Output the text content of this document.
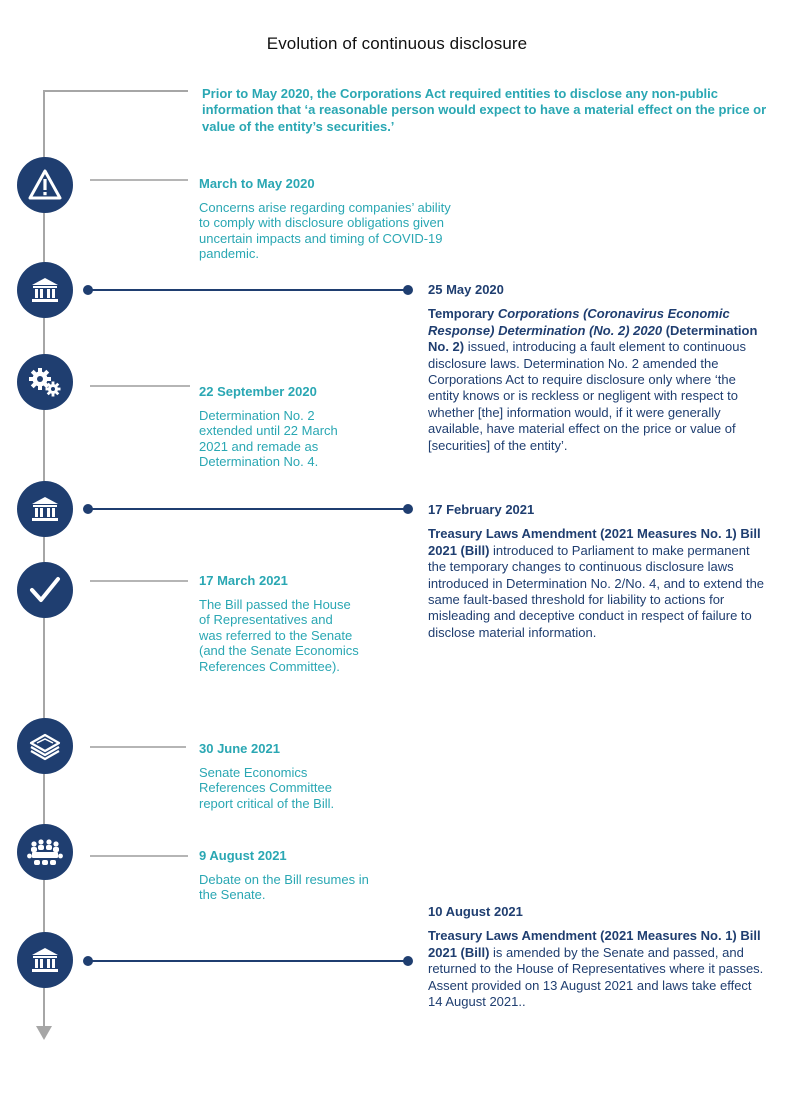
Evolution of continuous disclosure
Prior to May 2020, the Corporations Act required entities to disclose any non-public information that ‘a reasonable person would expect to have a material effect on the price or value of the entity’s securities.’
March to May 2020
Concerns arise regarding companies’ ability to comply with disclosure obligations given uncertain impacts and timing of COVID-19 pandemic.
25 May 2020
Temporary Corporations (Coronavirus Economic Response) Determination (No. 2) 2020 (Determination No. 2) issued, introducing a fault element to continuous disclosure laws. Determination No. 2 amended the Corporations Act to require disclosure only where ‘the entity knows or is reckless or negligent with respect to whether [the] information would, if it were generally available, have material effect on the price or value of [securities] of the entity’.
22 September 2020
Determination No. 2 extended until 22 March 2021 and remade as Determination No. 4.
17 February 2021
Treasury Laws Amendment (2021 Measures No. 1) Bill 2021 (Bill) introduced to Parliament to make permanent the temporary changes to continuous disclosure laws introduced in Determination No. 2/No. 4, and to extend the same fault-based threshold for liability to actions for misleading and deceptive conduct in respect of failure to disclose material information.
17 March 2021
The Bill passed the House of Representatives and was referred to the Senate (and the Senate Economics References Committee).
30 June 2021
Senate Economics References Committee report critical of the Bill.
9 August 2021
Debate on the Bill resumes in the Senate.
10 August 2021
Treasury Laws Amendment (2021 Measures No. 1) Bill 2021 (Bill) is amended by the Senate and passed, and returned to the House of Representatives where it passes. Assent provided on 13 August 2021 and laws take effect 14 August 2021..
